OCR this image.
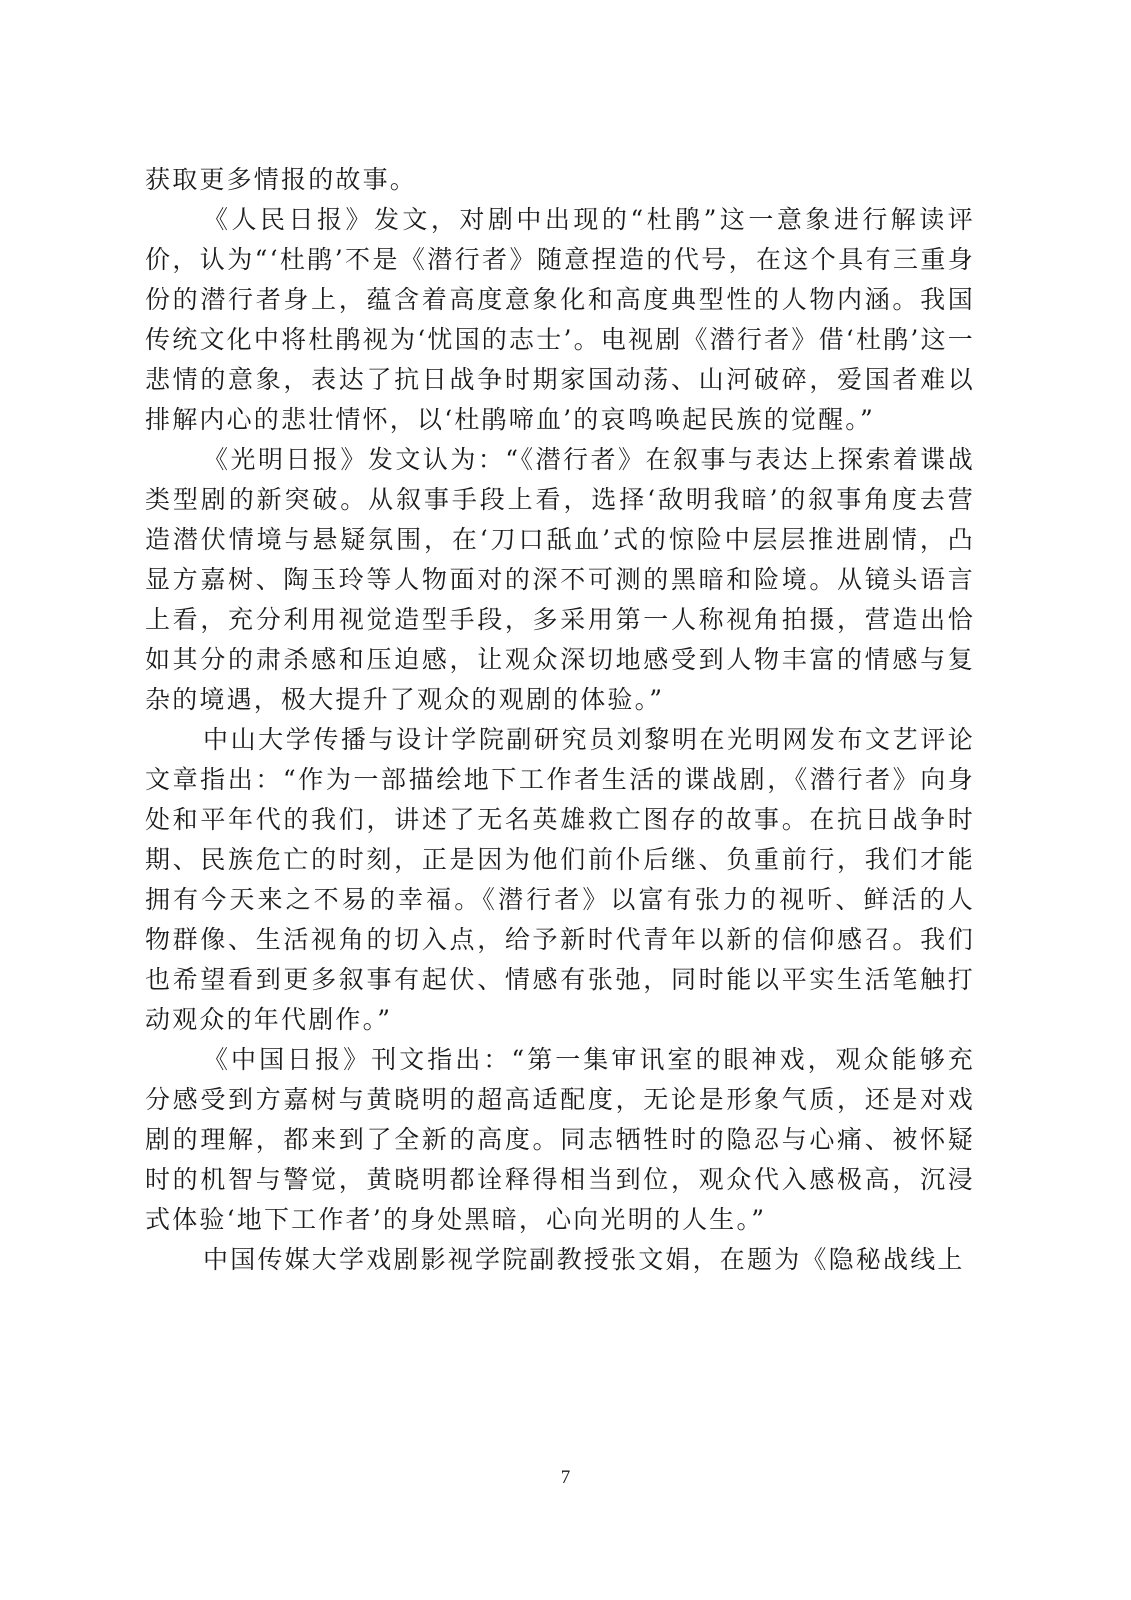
获取更多情报的故事。

《人民日报》发文，对剧中出现的“杜鹃”这一意象进行解读评价，认为“‘杜鹃’不是《潜行者》随意捏造的代号，在这个具有三重身份的潜行者身上，蕴含着高度意象化和高度典型性的人物内涵。我国传统文化中将杜鹃视为‘忧国的志士’。电视剧《潜行者》借‘杜鹃’这一悲情的意象，表达了抗日战争时期家国动荡、山河破碎，爱国者难以排解内心的悲壮情怀，以‘杜鹃啼血’的哀鸣唤起民族的觉醒。”

《光明日报》发文认为：“《潜行者》在叙事与表达上探索着谍战类型剧的新突破。从叙事手段上看，选择‘敌明我暗’的叙事角度去营造潜伏情境与悬疑氛围，在‘刀口舐血’式的惊险中层层推进剧情，凸显方嘉树、陶玉玲等人物面对的深不可测的黑暗和险境。从镜头语言上看，充分利用视觉造型手段，多采用第一人称视角拍摄，营造出恰如其分的肃杀感和压迫感，让观众深切地感受到人物丰富的情感与复杂的境遇，极大提升了观众的观剧的体验。”

中山大学传播与设计学院副研究员刘黎明在光明网发布文艺评论文章指出：“作为一部描绘地下工作者生活的谍战剧，《潜行者》向身处和平年代的我们，讲述了无名英雄救亡图存的故事。在抗日战争时期、民族危亡的时刻，正是因为他们前仆后继、负重前行，我们才能拥有今天来之不易的幸福。《潜行者》以富有张力的视听、鲜活的人物群像、生活视角的切入点，给予新时代青年以新的信仰感召。我们也希望看到更多叙事有起伏、情感有张弛，同时能以平实生活笔触打动观众的年代剧作。”

《中国日报》刊文指出：“第一集审讯室的眼神戏，观众能够充分感受到方嘉树与黄晓明的超高适配度，无论是形象气质，还是对戏剧的理解，都来到了全新的高度。同志牺牲时的隐忍与心痛、被怀疑时的机智与警觉，黄晓明都诠释得相当到位，观众代入感极高，沉浸式体验‘地下工作者’的身处黑暗，心向光明的人生。”

中国传媒大学戏剧影视学院副教授张文娟，在题为《隐秘战线上

7
